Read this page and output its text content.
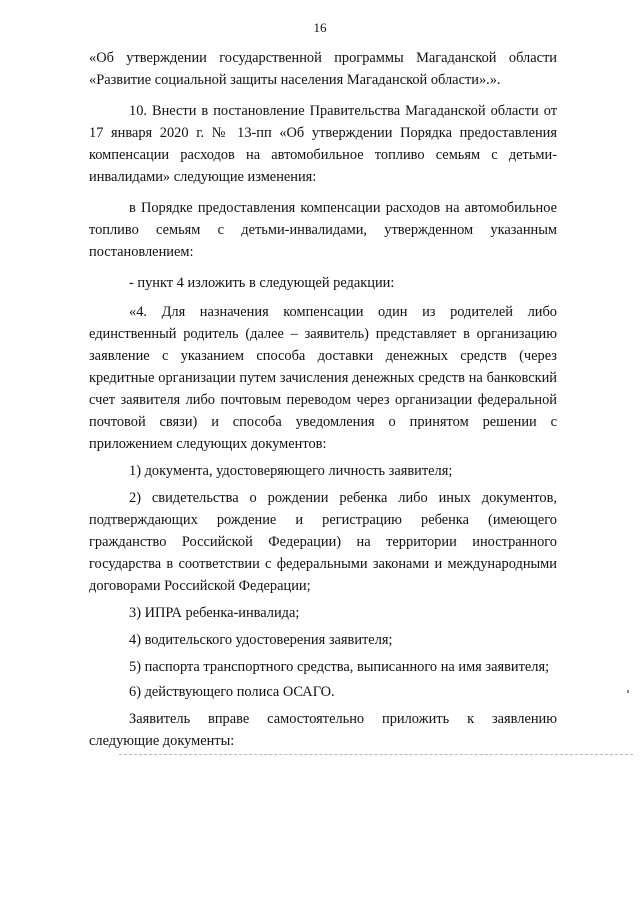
16

«Об утверждении государственной программы Магаданской области «Развитие социальной защиты населения Магаданской области».».

10. Внести в постановление Правительства Магаданской области от 17 января 2020 г. № 13-пп «Об утверждении Порядка предоставления компенсации расходов на автомобильное топливо семьям с детьми-инвалидами» следующие изменения:

в Порядке предоставления компенсации расходов на автомобильное топливо семьям с детьми-инвалидами, утвержденном указанным постановлением:

- пункт 4 изложить в следующей редакции:

«4. Для назначения компенсации один из родителей либо единственный родитель (далее – заявитель) представляет в организацию заявление с указанием способа доставки денежных средств (через кредитные организации путем зачисления денежных средств на банковский счет заявителя либо почтовым переводом через организации федеральной почтовой связи) и способа уведомления о принятом решении с приложением следующих документов:

1) документа, удостоверяющего личность заявителя;

2) свидетельства о рождении ребенка либо иных документов, подтверждающих рождение и регистрацию ребенка (имеющего гражданство Российской Федерации) на территории иностранного государства в соответствии с федеральными законами и международными договорами Российской Федерации;

3) ИПРА ребенка-инвалида;

4) водительского удостоверения заявителя;

5) паспорта транспортного средства, выписанного на имя заявителя;

6) действующего полиса ОСАГО.

Заявитель вправе самостоятельно приложить к заявлению следующие документы:
